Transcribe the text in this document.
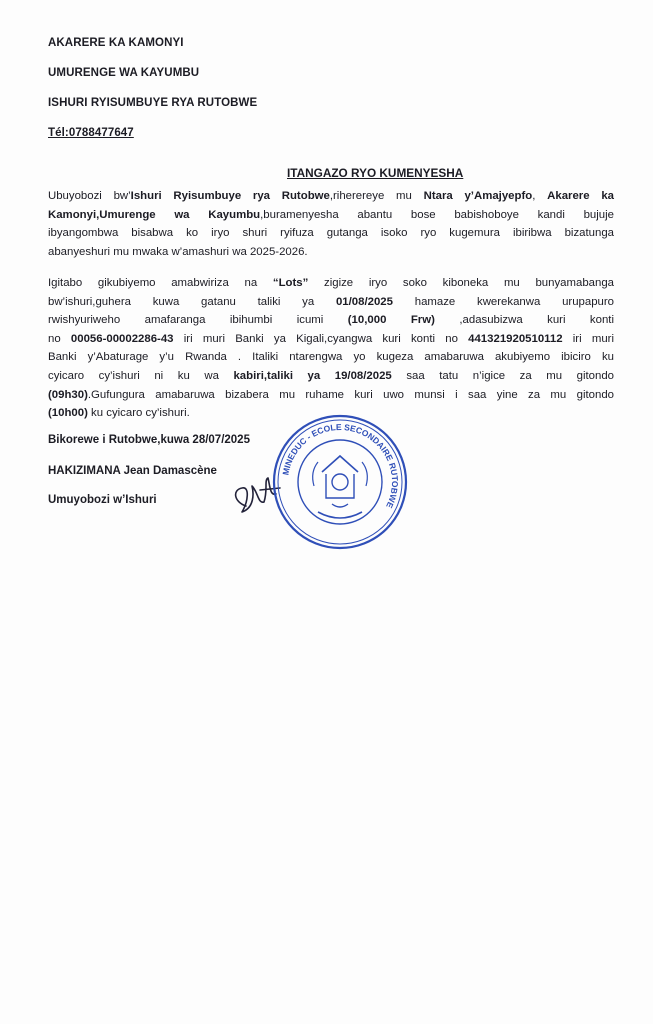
AKARERE KA KAMONYI
UMURENGE WA KAYUMBU
ISHURI RYISUMBUYE RYA RUTOBWE
Tél:0788477647
ITANGAZO RYO KUMENYESHA
Ubuyobozi bw’Ishuri Ryisumbuye rya Rutobwe,riherereye mu Ntara y’Amajyepfo, Akarere ka
Kamonyi,Umurenge wa Kayumbu,buramenyesha abantu bose babishoboye kandi bujuje
ibyangombwa bisabwa ko iryo shuri ryifuza gutanga isoko ryo kugemura ibiribwa bizatunga
abanyeshuri mu mwaka w’amashuri wa 2025-2026.
Igitabo gikubiyemo amabwiriza na “Lots” zigize iryo soko kiboneka mu bunyamabanga
bw’ishuri,guhera kuwa gatanu taliki ya 01/08/2025 hamaze kwerekanwa urupapuro
rwishyuriweho amafaranga ibihumbi icumi (10,000 Frw) ,adasubizwa kuri konti
no 00056-00002286-43 iri muri Banki ya Kigali,cyangwa kuri konti no 441321920510112 iri muri
Banki y’Abaturage y’u Rwanda . Italiki ntarengwa yo kugeza amabaruwa akubiyemo ibiciro ku
cyicaro cy’ishuri ni ku wa kabiri,taliki ya 19/08/2025 saa tatu n’igice za mu gitondo
(09h30).Gufungura amabaruwa bizabera mu ruhame kuri uwo munsi i saa yine za mu gitondo
(10h00) ku cyicaro cy’ishuri.
Bikorewe i Rutobwe,kuwa 28/07/2025
HAKIZIMANA Jean Damascène
Umuyobozi w’Ishuri
MINEDUC - ECOLE SECONDAIRE RUTOBWE
